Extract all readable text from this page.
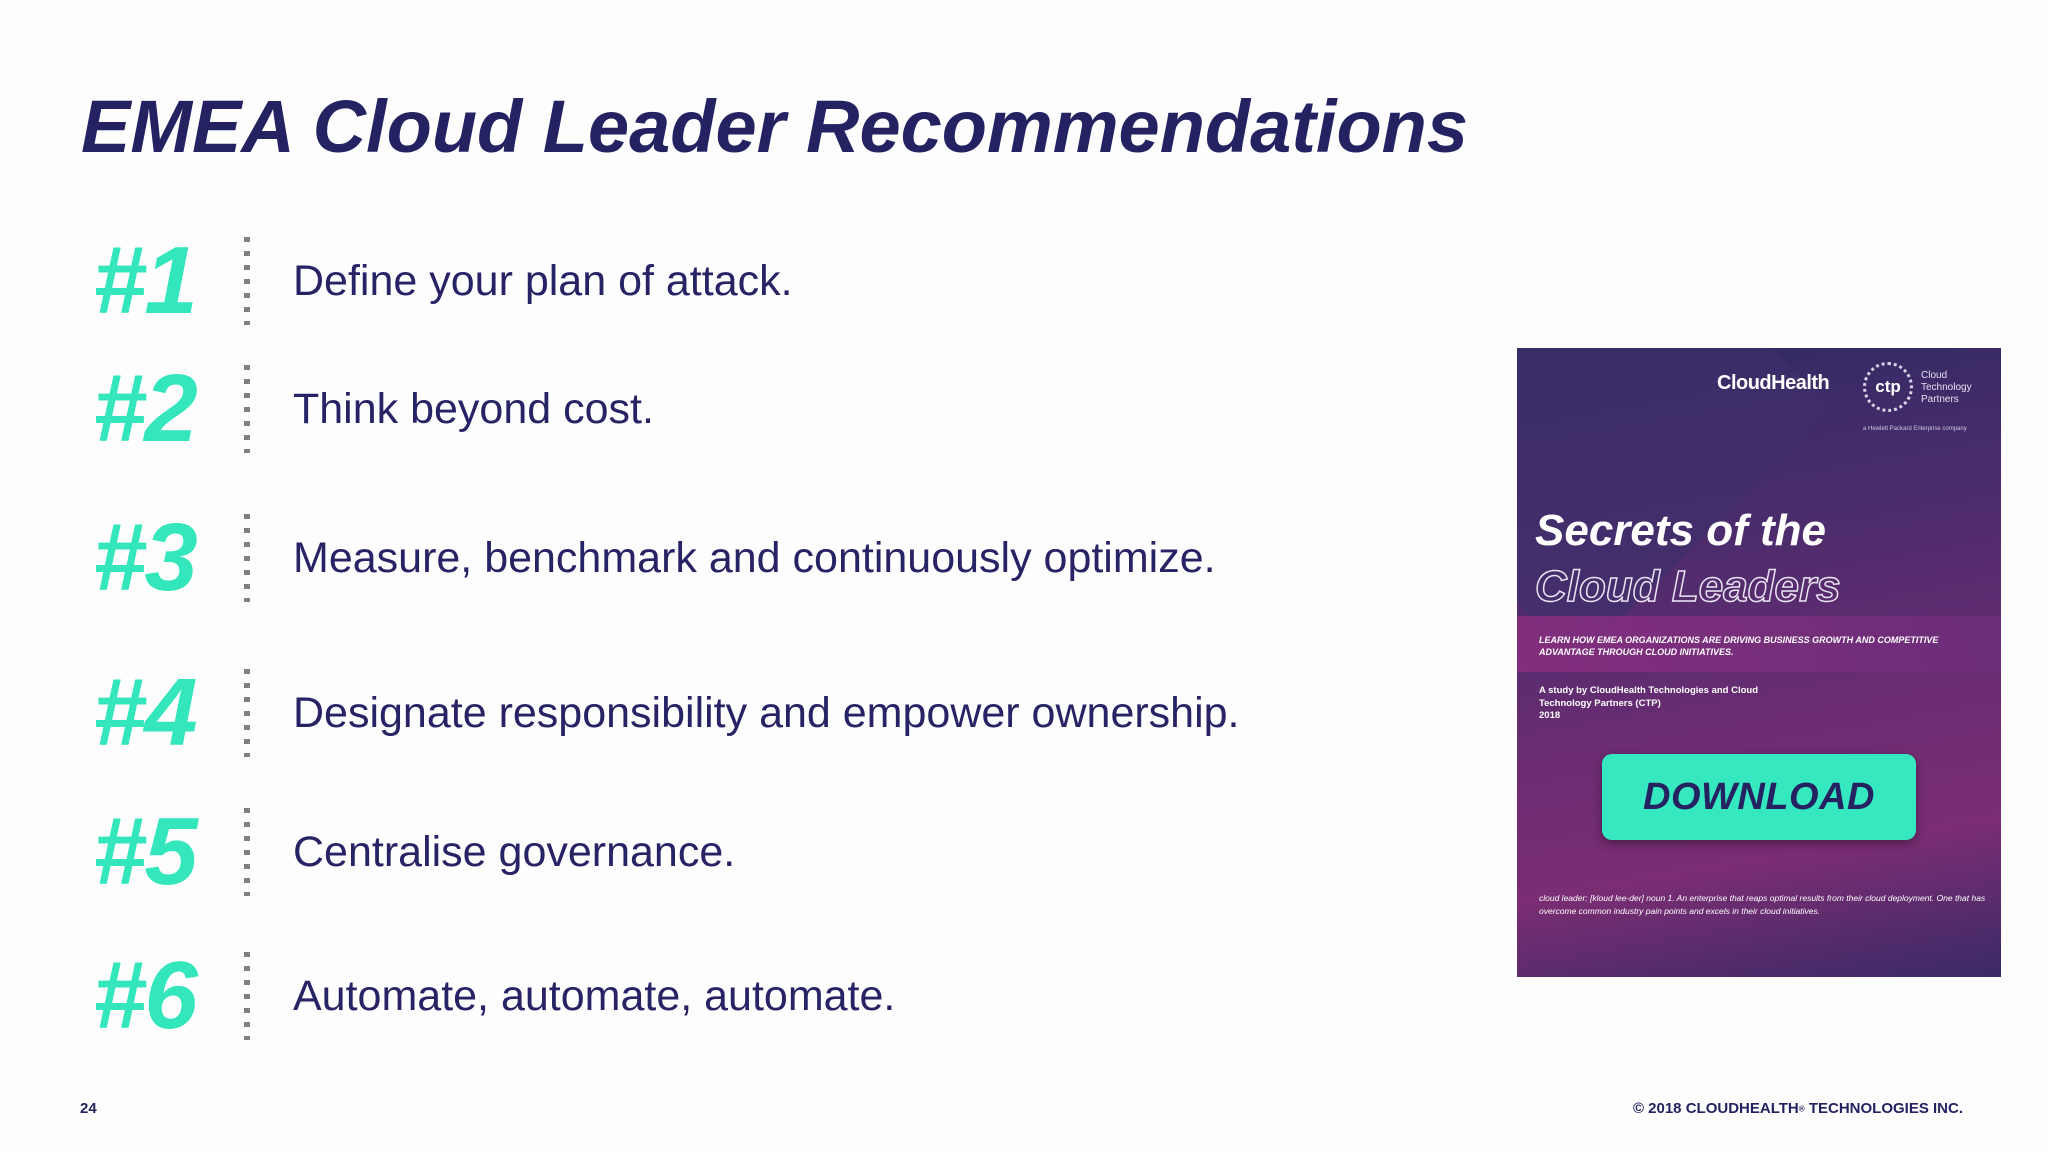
EMEA Cloud Leader Recommendations
#1	Define your plan of attack.
#2	Think beyond cost.
#3	Measure, benchmark and continuously optimize.
#4	Designate responsibility and empower ownership.
#5	Centralise governance.
#6	Automate, automate, automate.
CloudHealth	ctp
Cloud Technology Partners
a Hewlett Packard Enterprise company
Secrets of the
Cloud Leaders
LEARN HOW EMEA ORGANIZATIONS ARE DRIVING BUSINESS GROWTH AND COMPETITIVE ADVANTAGE THROUGH CLOUD INITIATIVES.
A study by CloudHealth Technologies and Cloud Technology Partners (CTP)
2018
DOWNLOAD
cloud leader: [kloud lee-der] noun 1. An enterprise that reaps optimal results from their cloud deployment. One that has overcome common industry pain points and excels in their cloud initiatives.
24	© 2018 CLOUDHEALTH® TECHNOLOGIES INC.
